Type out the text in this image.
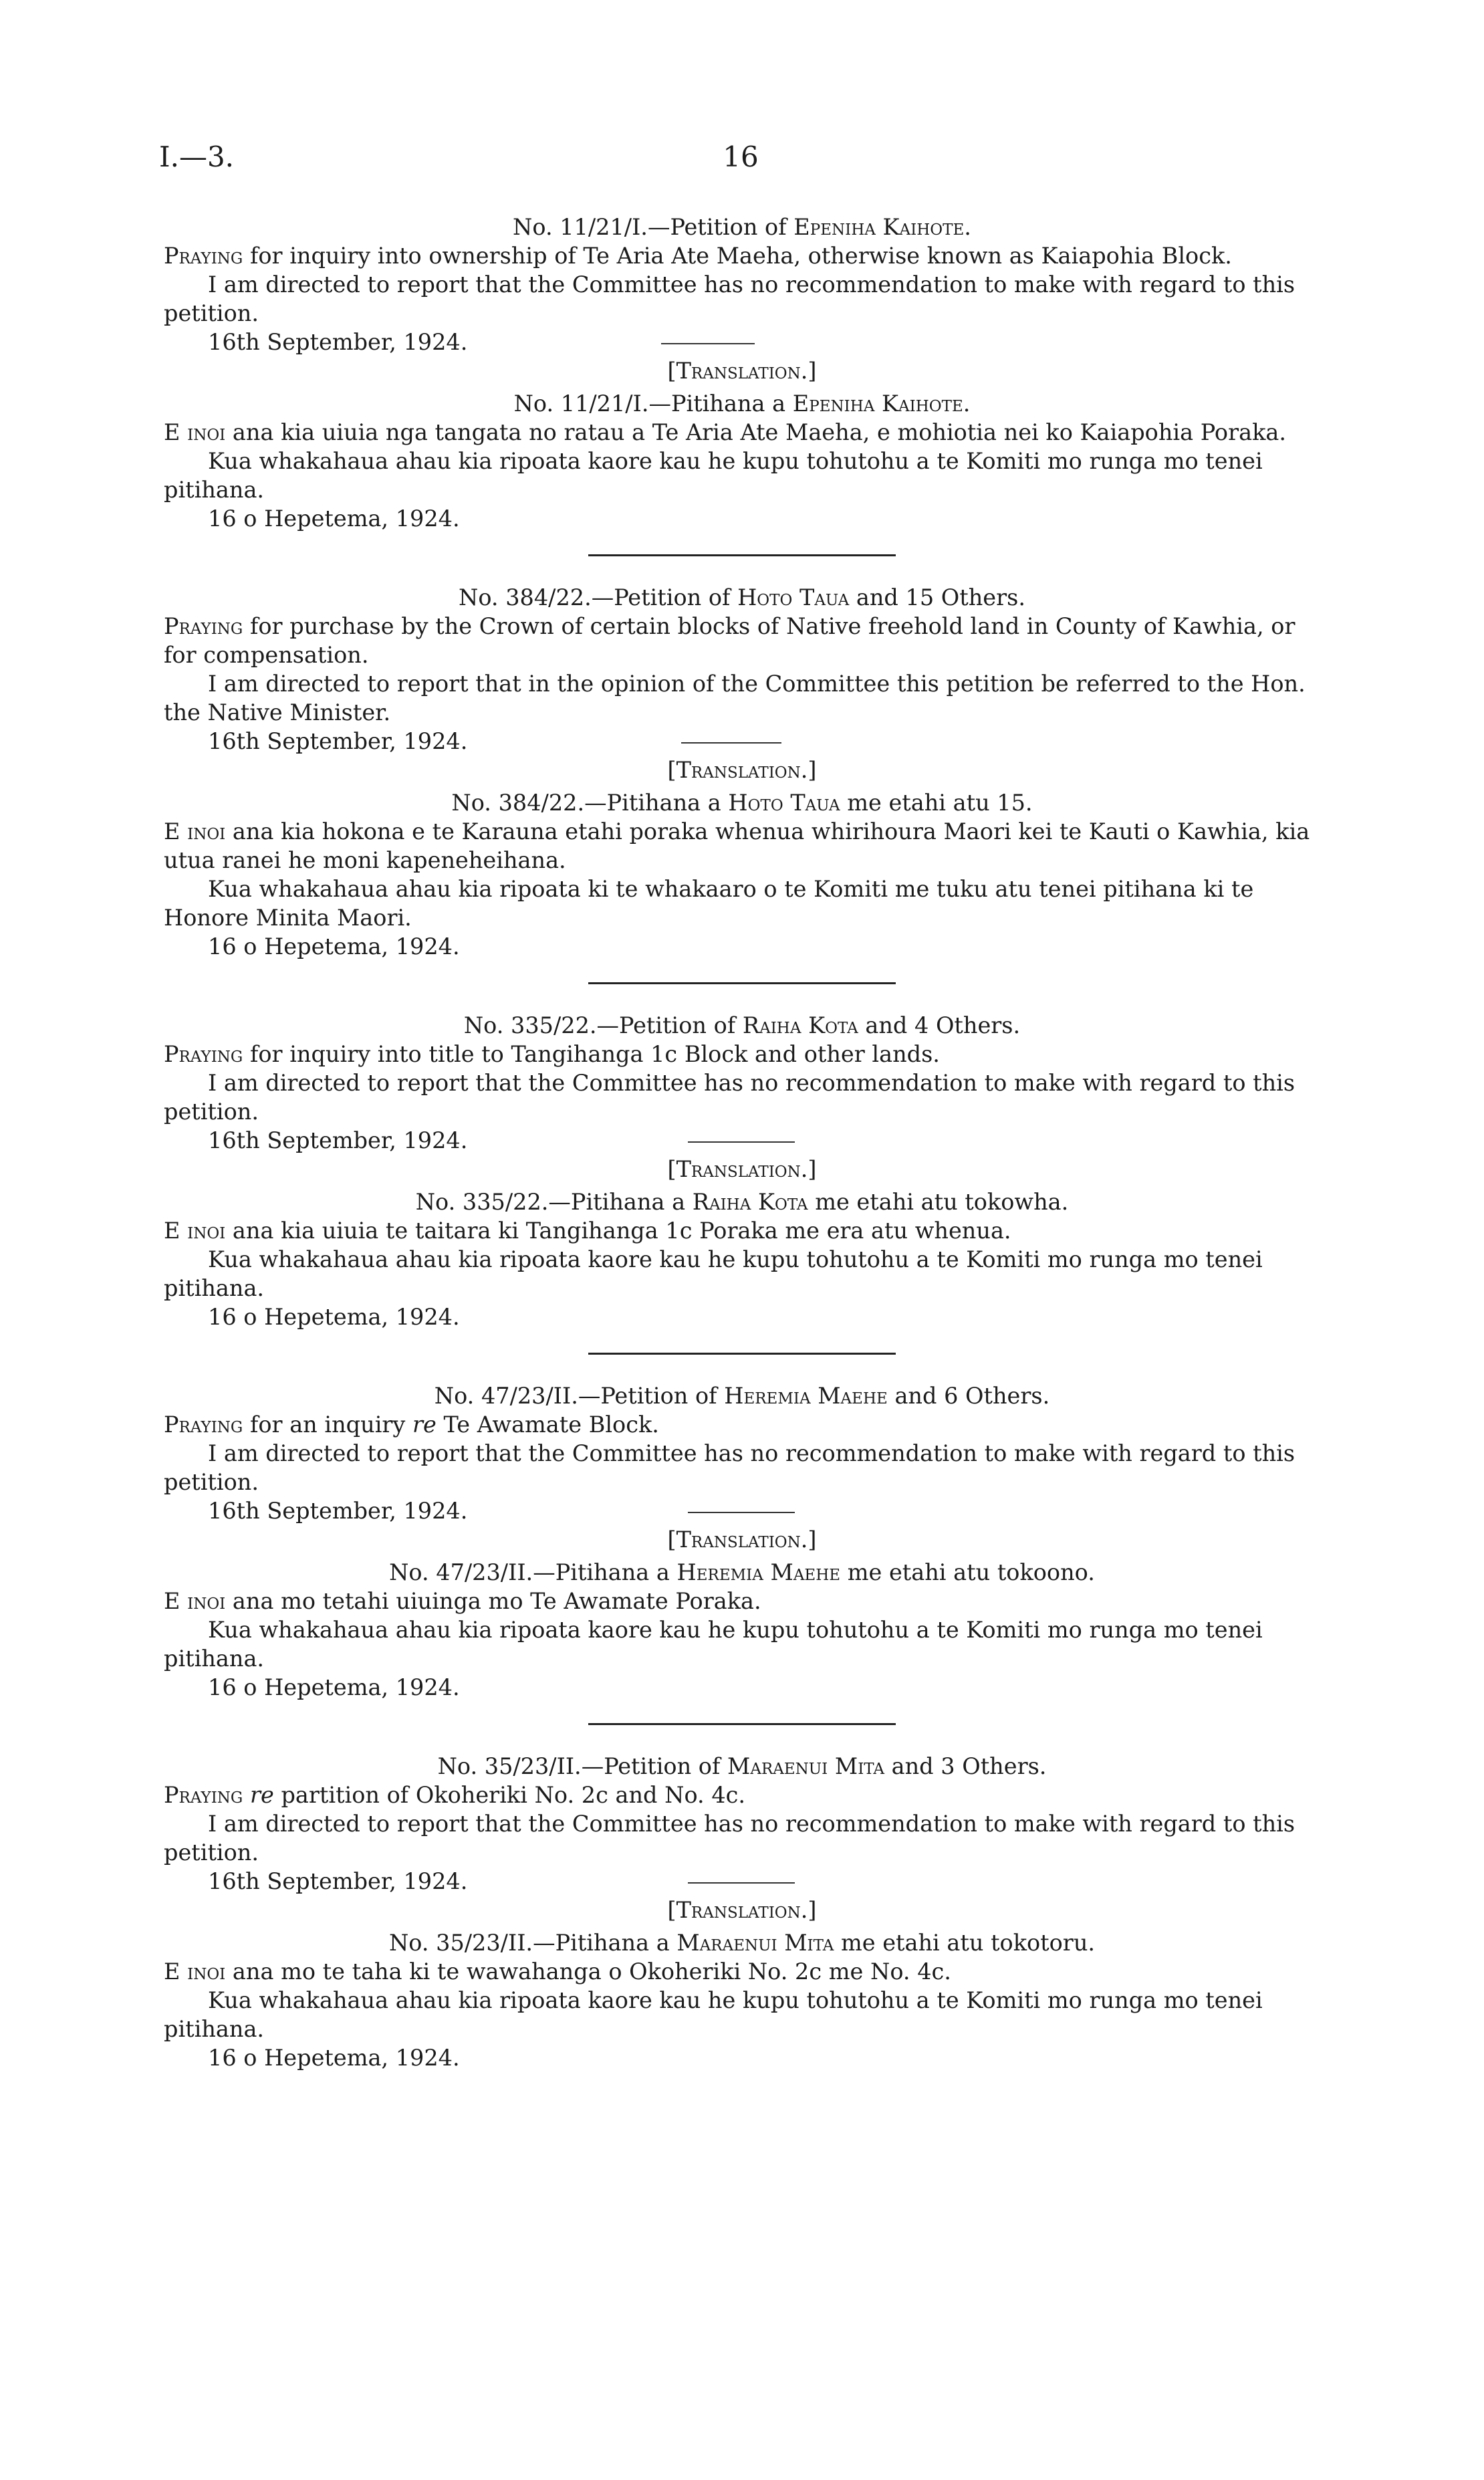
I.—3.	16

No. 11/21/I.—Petition of Epeniha Kaihote.

Praying for inquiry into ownership of Te Aria Ate Maeha, otherwise known as Kaiapohia Block.

I am directed to report that the Committee has no recommendation to make with regard to this petition.

16th September, 1924.

[Translation.]

No. 11/21/I.—Pitihana a Epeniha Kaihote.

E inoi ana kia uiuia nga tangata no ratau a Te Aria Ate Maeha, e mohiotia nei ko Kaiapohia Poraka.

Kua whakahaua ahau kia ripoata kaore kau he kupu tohutohu a te Komiti mo runga mo tenei pitihana.

16 o Hepetema, 1924.

No. 384/22.—Petition of Hoto Taua and 15 Others.

Praying for purchase by the Crown of certain blocks of Native freehold land in County of Kawhia, or for compensation.

I am directed to report that in the opinion of the Committee this petition be referred to the Hon. the Native Minister.

16th September, 1924.

[Translation.]

No. 384/22.—Pitihana a Hoto Taua me etahi atu 15.

E inoi ana kia hokona e te Karauna etahi poraka whenua whirihoura Maori kei te Kauti o Kawhia, kia utua ranei he moni kapeneheihana.

Kua whakahaua ahau kia ripoata ki te whakaaro o te Komiti me tuku atu tenei pitihana ki te Honore Minita Maori.

16 o Hepetema, 1924.

No. 335/22.—Petition of Raiha Kota and 4 Others.

Praying for inquiry into title to Tangihanga 1c Block and other lands.

I am directed to report that the Committee has no recommendation to make with regard to this petition.

16th September, 1924.

[Translation.]

No. 335/22.—Pitihana a Raiha Kota me etahi atu tokowha.

E inoi ana kia uiuia te taitara ki Tangihanga 1c Poraka me era atu whenua.

Kua whakahaua ahau kia ripoata kaore kau he kupu tohutohu a te Komiti mo runga mo tenei pitihana.

16 o Hepetema, 1924.

No. 47/23/II.—Petition of Heremia Maehe and 6 Others.

Praying for an inquiry re Te Awamate Block.

I am directed to report that the Committee has no recommendation to make with regard to this petition.

16th September, 1924.

[Translation.]

No. 47/23/II.—Pitihana a Heremia Maehe me etahi atu tokoono.

E inoi ana mo tetahi uiuinga mo Te Awamate Poraka.

Kua whakahaua ahau kia ripoata kaore kau he kupu tohutohu a te Komiti mo runga mo tenei pitihana.

16 o Hepetema, 1924.

No. 35/23/II.—Petition of Maraenui Mita and 3 Others.

Praying re partition of Okoheriki No. 2c and No. 4c.

I am directed to report that the Committee has no recommendation to make with regard to this petition.

16th September, 1924.

[Translation.]

No. 35/23/II.—Pitihana a Maraenui Mita me etahi atu tokotoru.

E inoi ana mo te taha ki te wawahanga o Okoheriki No. 2c me No. 4c.

Kua whakahaua ahau kia ripoata kaore kau he kupu tohutohu a te Komiti mo runga mo tenei pitihana.

16 o Hepetema, 1924.
